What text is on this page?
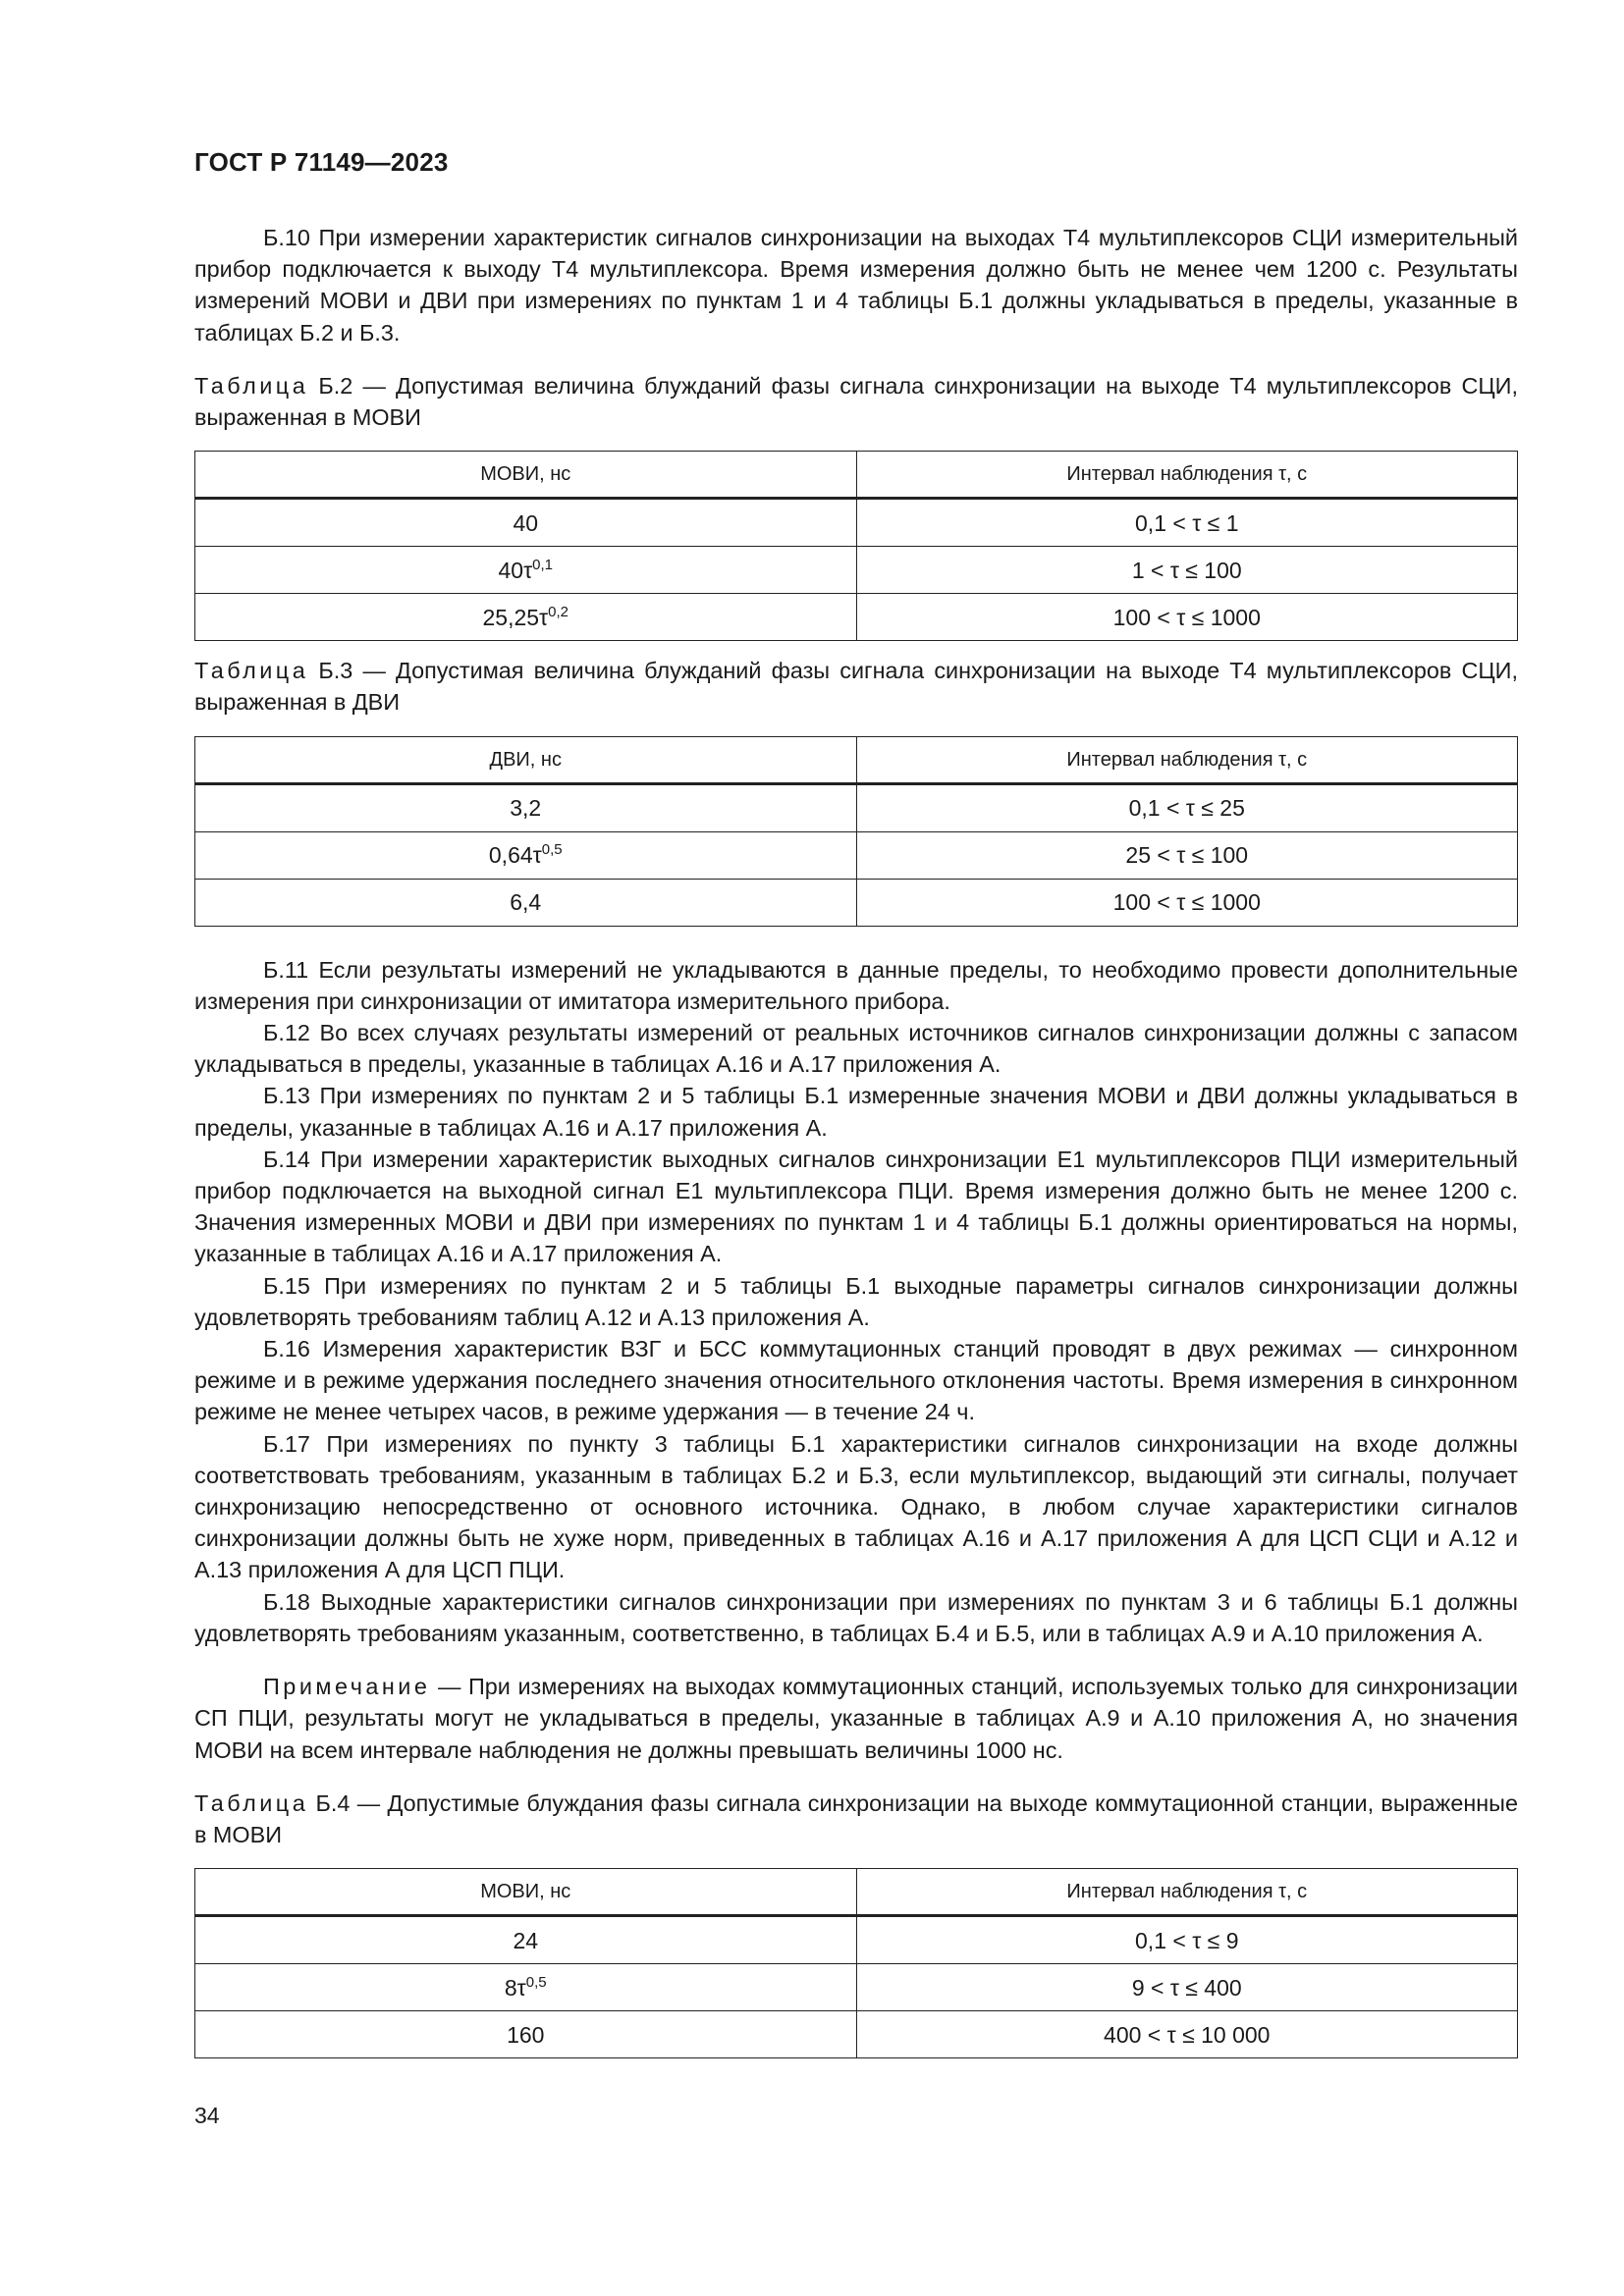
ГОСТ Р 71149—2023

Б.10 При измерении характеристик сигналов синхронизации на выходах Т4 мультиплексоров СЦИ измерительный прибор подключается к выходу Т4 мультиплексора. Время измерения должно быть не менее чем 1200 с. Результаты измерений МОВИ и ДВИ при измерениях по пунктам 1 и 4 таблицы Б.1 должны укладываться в пределы, указанные в таблицах Б.2 и Б.3.

Таблица Б.2 — Допустимая величина блужданий фазы сигнала синхронизации на выходе Т4 мультиплексоров СЦИ, выраженная в МОВИ

МОВИ, нс	Интервал наблюдения τ, с
40	0,1 < τ ≤ 1
$40\tau^{0,1}$	1 < τ ≤ 100
$25,25\tau^{0,2}$	100 < τ ≤ 1000

Таблица Б.3 — Допустимая величина блужданий фазы сигнала синхронизации на выходе Т4 мультиплексоров СЦИ, выраженная в ДВИ

ДВИ, нс	Интервал наблюдения τ, с
3,2	0,1 < τ ≤ 25
$0,64\tau^{0,5}$	25 < τ ≤ 100
6,4	100 < τ ≤ 1000

Б.11 Если результаты измерений не укладываются в данные пределы, то необходимо провести дополнительные измерения при синхронизации от имитатора измерительного прибора.

Б.12 Во всех случаях результаты измерений от реальных источников сигналов синхронизации должны с запасом укладываться в пределы, указанные в таблицах А.16 и А.17 приложения А.

Б.13 При измерениях по пунктам 2 и 5 таблицы Б.1 измеренные значения МОВИ и ДВИ должны укладываться в пределы, указанные в таблицах А.16 и А.17 приложения А.

Б.14 При измерении характеристик выходных сигналов синхронизации Е1 мультиплексоров ПЦИ измерительный прибор подключается на выходной сигнал Е1 мультиплексора ПЦИ. Время измерения должно быть не менее 1200 с. Значения измеренных МОВИ и ДВИ при измерениях по пунктам 1 и 4 таблицы Б.1 должны ориентироваться на нормы, указанные в таблицах А.16 и А.17 приложения А.

Б.15 При измерениях по пунктам 2 и 5 таблицы Б.1 выходные параметры сигналов синхронизации должны удовлетворять требованиям таблиц А.12 и А.13 приложения А.

Б.16 Измерения характеристик ВЗГ и БСС коммутационных станций проводят в двух режимах — синхронном режиме и в режиме удержания последнего значения относительного отклонения частоты. Время измерения в синхронном режиме не менее четырех часов, в режиме удержания — в течение 24 ч.

Б.17 При измерениях по пункту 3 таблицы Б.1 характеристики сигналов синхронизации на входе должны соответствовать требованиям, указанным в таблицах Б.2 и Б.3, если мультиплексор, выдающий эти сигналы, получает синхронизацию непосредственно от основного источника. Однако, в любом случае характеристики сигналов синхронизации должны быть не хуже норм, приведенных в таблицах А.16 и А.17 приложения А для ЦСП СЦИ и А.12 и А.13 приложения А для ЦСП ПЦИ.

Б.18 Выходные характеристики сигналов синхронизации при измерениях по пунктам 3 и 6 таблицы Б.1 должны удовлетворять требованиям указанным, соответственно, в таблицах Б.4 и Б.5, или в таблицах А.9 и А.10 приложения А.

Примечание — При измерениях на выходах коммутационных станций, используемых только для синхронизации СП ПЦИ, результаты могут не укладываться в пределы, указанные в таблицах А.9 и А.10 приложения А, но значения МОВИ на всем интервале наблюдения не должны превышать величины 1000 нс.

Таблица Б.4 — Допустимые блуждания фазы сигнала синхронизации на выходе коммутационной станции, выраженные в МОВИ

МОВИ, нс	Интервал наблюдения τ, с
24	0,1 < τ ≤ 9
$8\tau^{0,5}$	9 < τ ≤ 400
160	400 < τ ≤ 10 000
34
